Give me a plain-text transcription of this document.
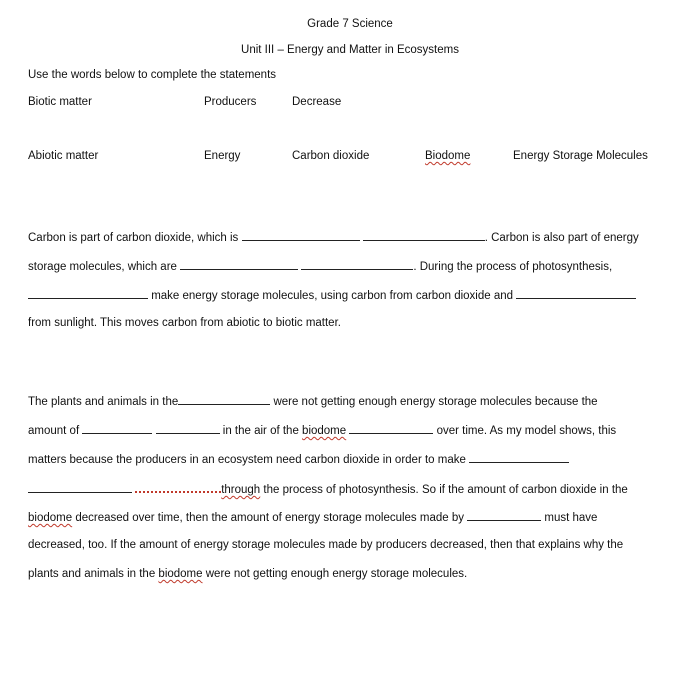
Grade 7 Science
Unit III – Energy and Matter in Ecosystems
Use the words below to complete the statements
Biotic matter	Producers	Decrease
Abiotic matter	Energy	Carbon dioxide	Biodome	Energy Storage Molecules
Carbon is part of carbon dioxide, which is	. Carbon is also part of energy
storage molecules, which are	. During the process of photosynthesis,
make energy storage molecules, using carbon from carbon dioxide and
from sunlight. This moves carbon from abiotic to biotic matter.
The plants and animals in the	were not getting enough energy storage molecules because the
amount of	in the air of the biodome	over time. As my model shows, this
matters because the producers in an ecosystem need carbon dioxide in order to make
through the process of photosynthesis. So if the amount of carbon dioxide in the
biodome decreased over time, then the amount of energy storage molecules made by	must have
decreased, too. If the amount of energy storage molecules made by producers decreased, then that explains why the
plants and animals in the biodome were not getting enough energy storage molecules.
